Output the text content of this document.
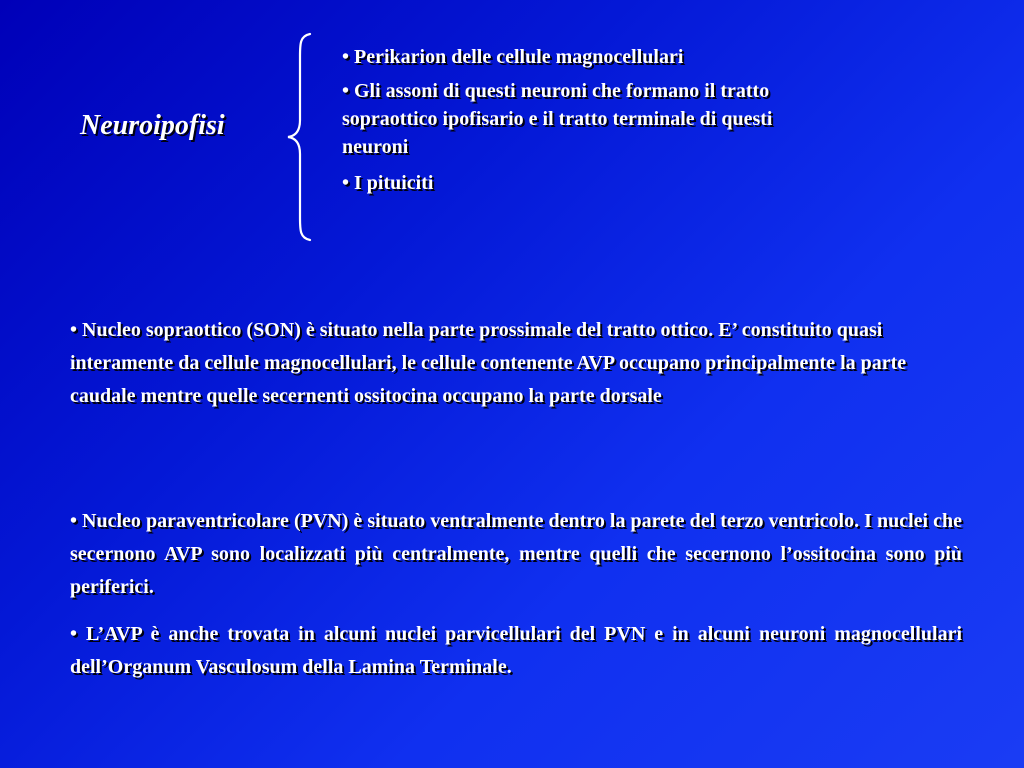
Neuroipofisi
• Perikarion delle cellule magnocellulari
• Gli assoni di questi neuroni che formano il tratto sopraottico ipofisario e il tratto terminale di questi neuroni
• I pituiciti
• Nucleo sopraottico (SON) è situato nella parte prossimale del tratto ottico. E’ constituito quasi interamente da cellule magnocellulari, le cellule contenente AVP occupano principalmente la parte caudale mentre quelle secernenti ossitocina occupano la parte dorsale
• Nucleo paraventricolare (PVN) è situato ventralmente dentro la parete del terzo ventricolo. I nuclei che secernono AVP sono localizzati più centralmente, mentre quelli che secernono l’ossitocina sono più periferici.
• L’AVP è anche trovata in alcuni nuclei parvicellulari del PVN e in alcuni neuroni magnocellulari dell’Organum Vasculosum della Lamina Terminale.
